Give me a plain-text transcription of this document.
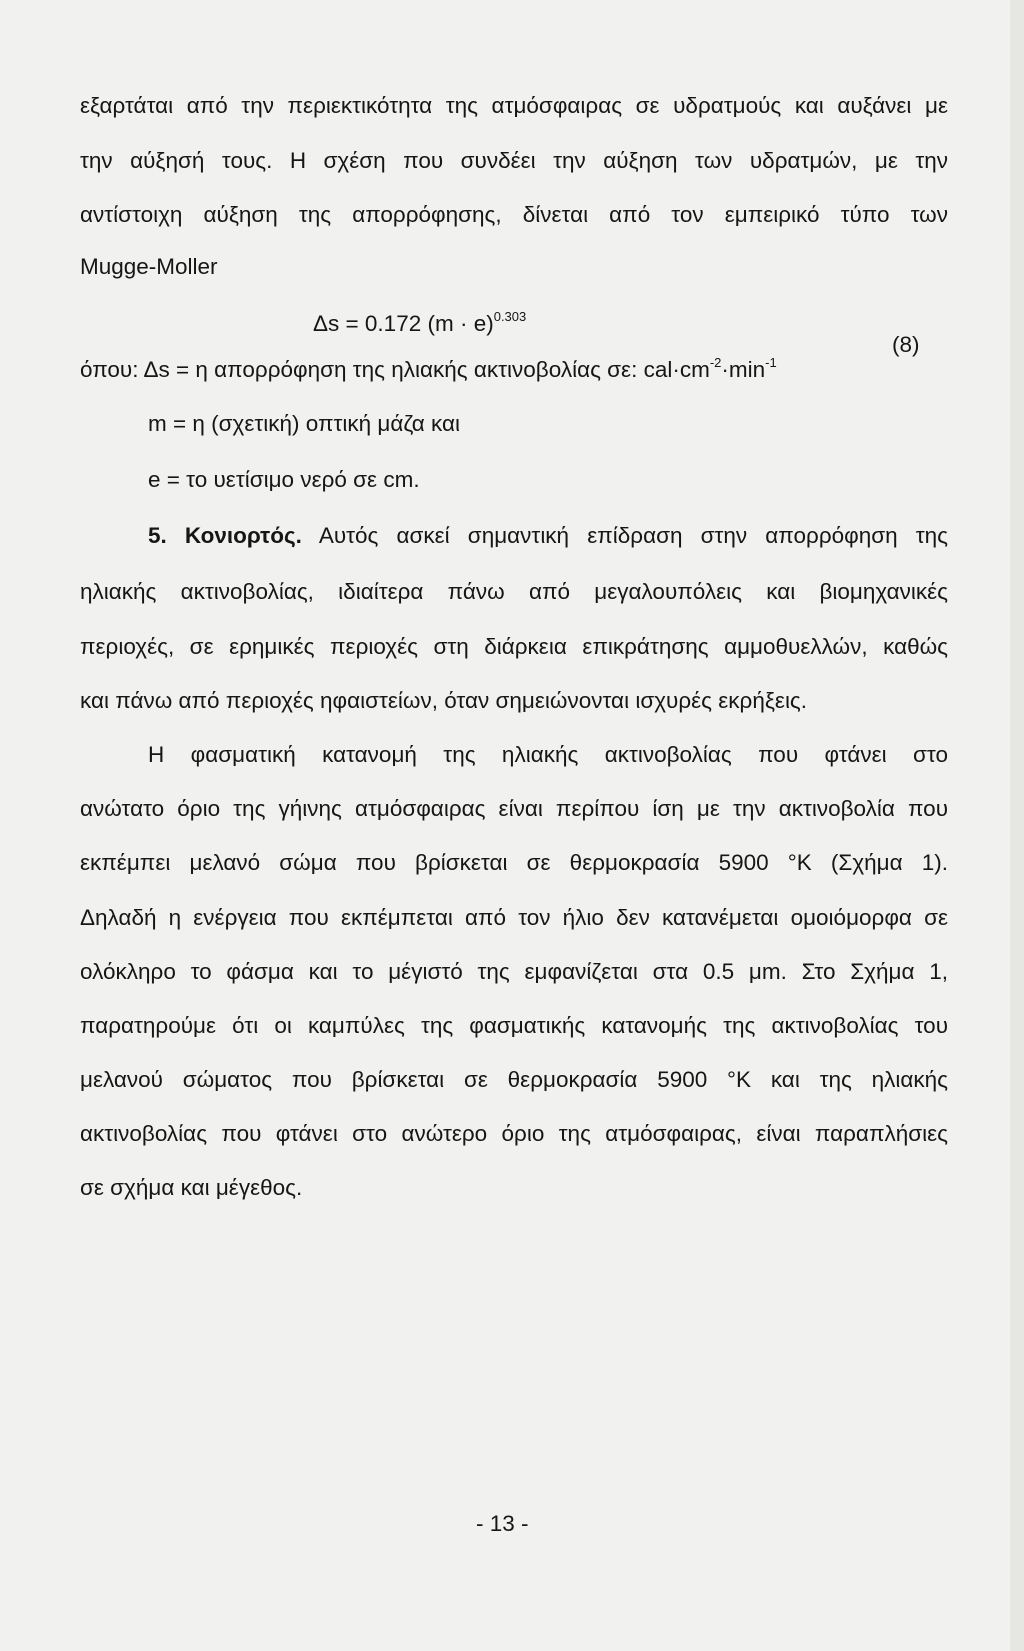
εξαρτάται από την περιεκτικότητα της ατμόσφαιρας σε υδρατμούς και αυξάνει με
την αύξησή τους. Η σχέση που συνδέει την αύξηση των υδρατμών, με την
αντίστοιχη αύξηση της απορρόφησης, δίνεται από τον εμπειρικό τύπο των
Mugge-Moller
Δs = 0.172 $(m \cdot e)^{0.303}$
(8)
όπου: Δs = η απορρόφηση της ηλιακής ακτινοβολίας σε: $cal\cdot cm^{-2}\cdot\min^{-1}$
m = η (σχετική) οπτική μάζα και
e = το υετίσιμο νερό σε cm.
5. Κονιορτός. Αυτός ασκεί σημαντική επίδραση στην απορρόφηση της
ηλιακής ακτινοβολίας, ιδιαίτερα πάνω από μεγαλουπόλεις και βιομηχανικές
περιοχές, σε ερημικές περιοχές στη διάρκεια επικράτησης αμμοθυελλών, καθώς
και πάνω από περιοχές ηφαιστείων, όταν σημειώνονται ισχυρές εκρήξεις.
Η φασματική κατανομή της ηλιακής ακτινοβολίας που φτάνει στο
ανώτατο όριο της γήινης ατμόσφαιρας είναι περίπου ίση με την ακτινοβολία που
εκπέμπει μελανό σώμα που βρίσκεται σε θερμοκρασία 5900 °Κ (Σχήμα 1).
Δηλαδή η ενέργεια που εκπέμπεται από τον ήλιο δεν κατανέμεται ομοιόμορφα σε
ολόκληρο το φάσμα και το μέγιστό της εμφανίζεται στα 0.5 μm. Στο Σχήμα 1,
παρατηρούμε ότι οι καμπύλες της φασματικής κατανομής της ακτινοβολίας του
μελανού σώματος που βρίσκεται σε θερμοκρασία 5900 °Κ και της ηλιακής
ακτινοβολίας που φτάνει στο ανώτερο όριο της ατμόσφαιρας, είναι παραπλήσιες
σε σχήμα και μέγεθος.
- 13 -
